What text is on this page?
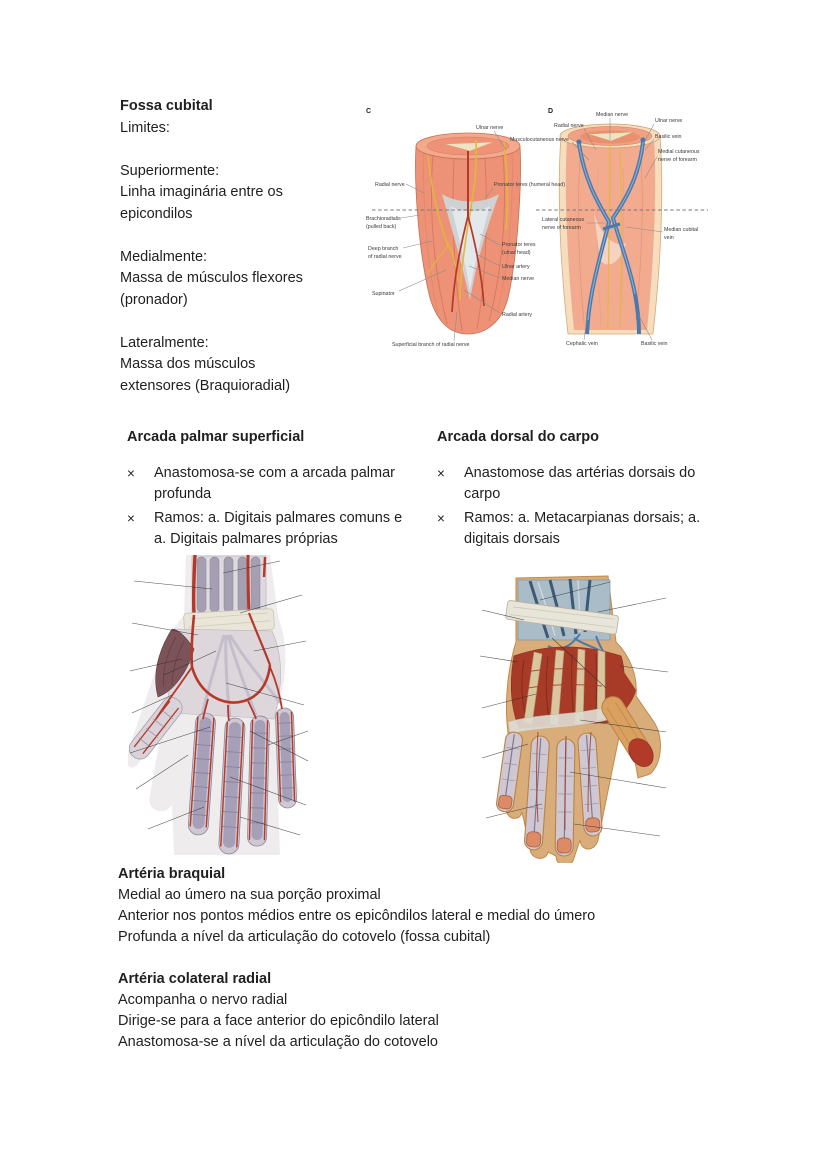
Fossa cubital
Limites:
Superiormente:
Linha imaginária entre os
epicondilos
Medialmente:
Massa de músculos flexores
(pronador)
Lateralmente:
Massa dos músculos
extensores (Braquioradial)
C
Ulnar nerve
Radial nerve	Pronator teres (humeral head)
Brachioradialis
(pulled back)
Deep branch
of radial nerve
Supinator
Pronator teres
(ulnar head)
Ulnar artery
Median nerve
Radial artery
Superficial branch of radial nerve
D	Median nerve
Radial nerve
Ulnar nerve
Musculocutaneous nerve	Basilic vein
Medial cutaneous
nerve of forearm
Lateral cutaneous
nerve of forearm	Median cubital
vein
Cephalic vein	Basilic vein
Arcada palmar superficial
×	Anastomosa-se com a arcada palmar
profunda
×	Ramos: a. Digitais palmares comuns e
a. Digitais palmares próprias
Arcada dorsal do carpo
×	Anastomose das artérias dorsais do
carpo
×	Ramos: a. Metacarpianas dorsais; a.
digitais dorsais
Artéria braquial
Medial ao úmero na sua porção proximal
Anterior nos pontos médios entre os epicôndilos lateral e medial do úmero
Profunda a nível da articulação do cotovelo (fossa cubital)
Artéria colateral radial
Acompanha o nervo radial
Dirige-se para a face anterior do epicôndilo lateral
Anastomosa-se a nível da articulação do cotovelo
